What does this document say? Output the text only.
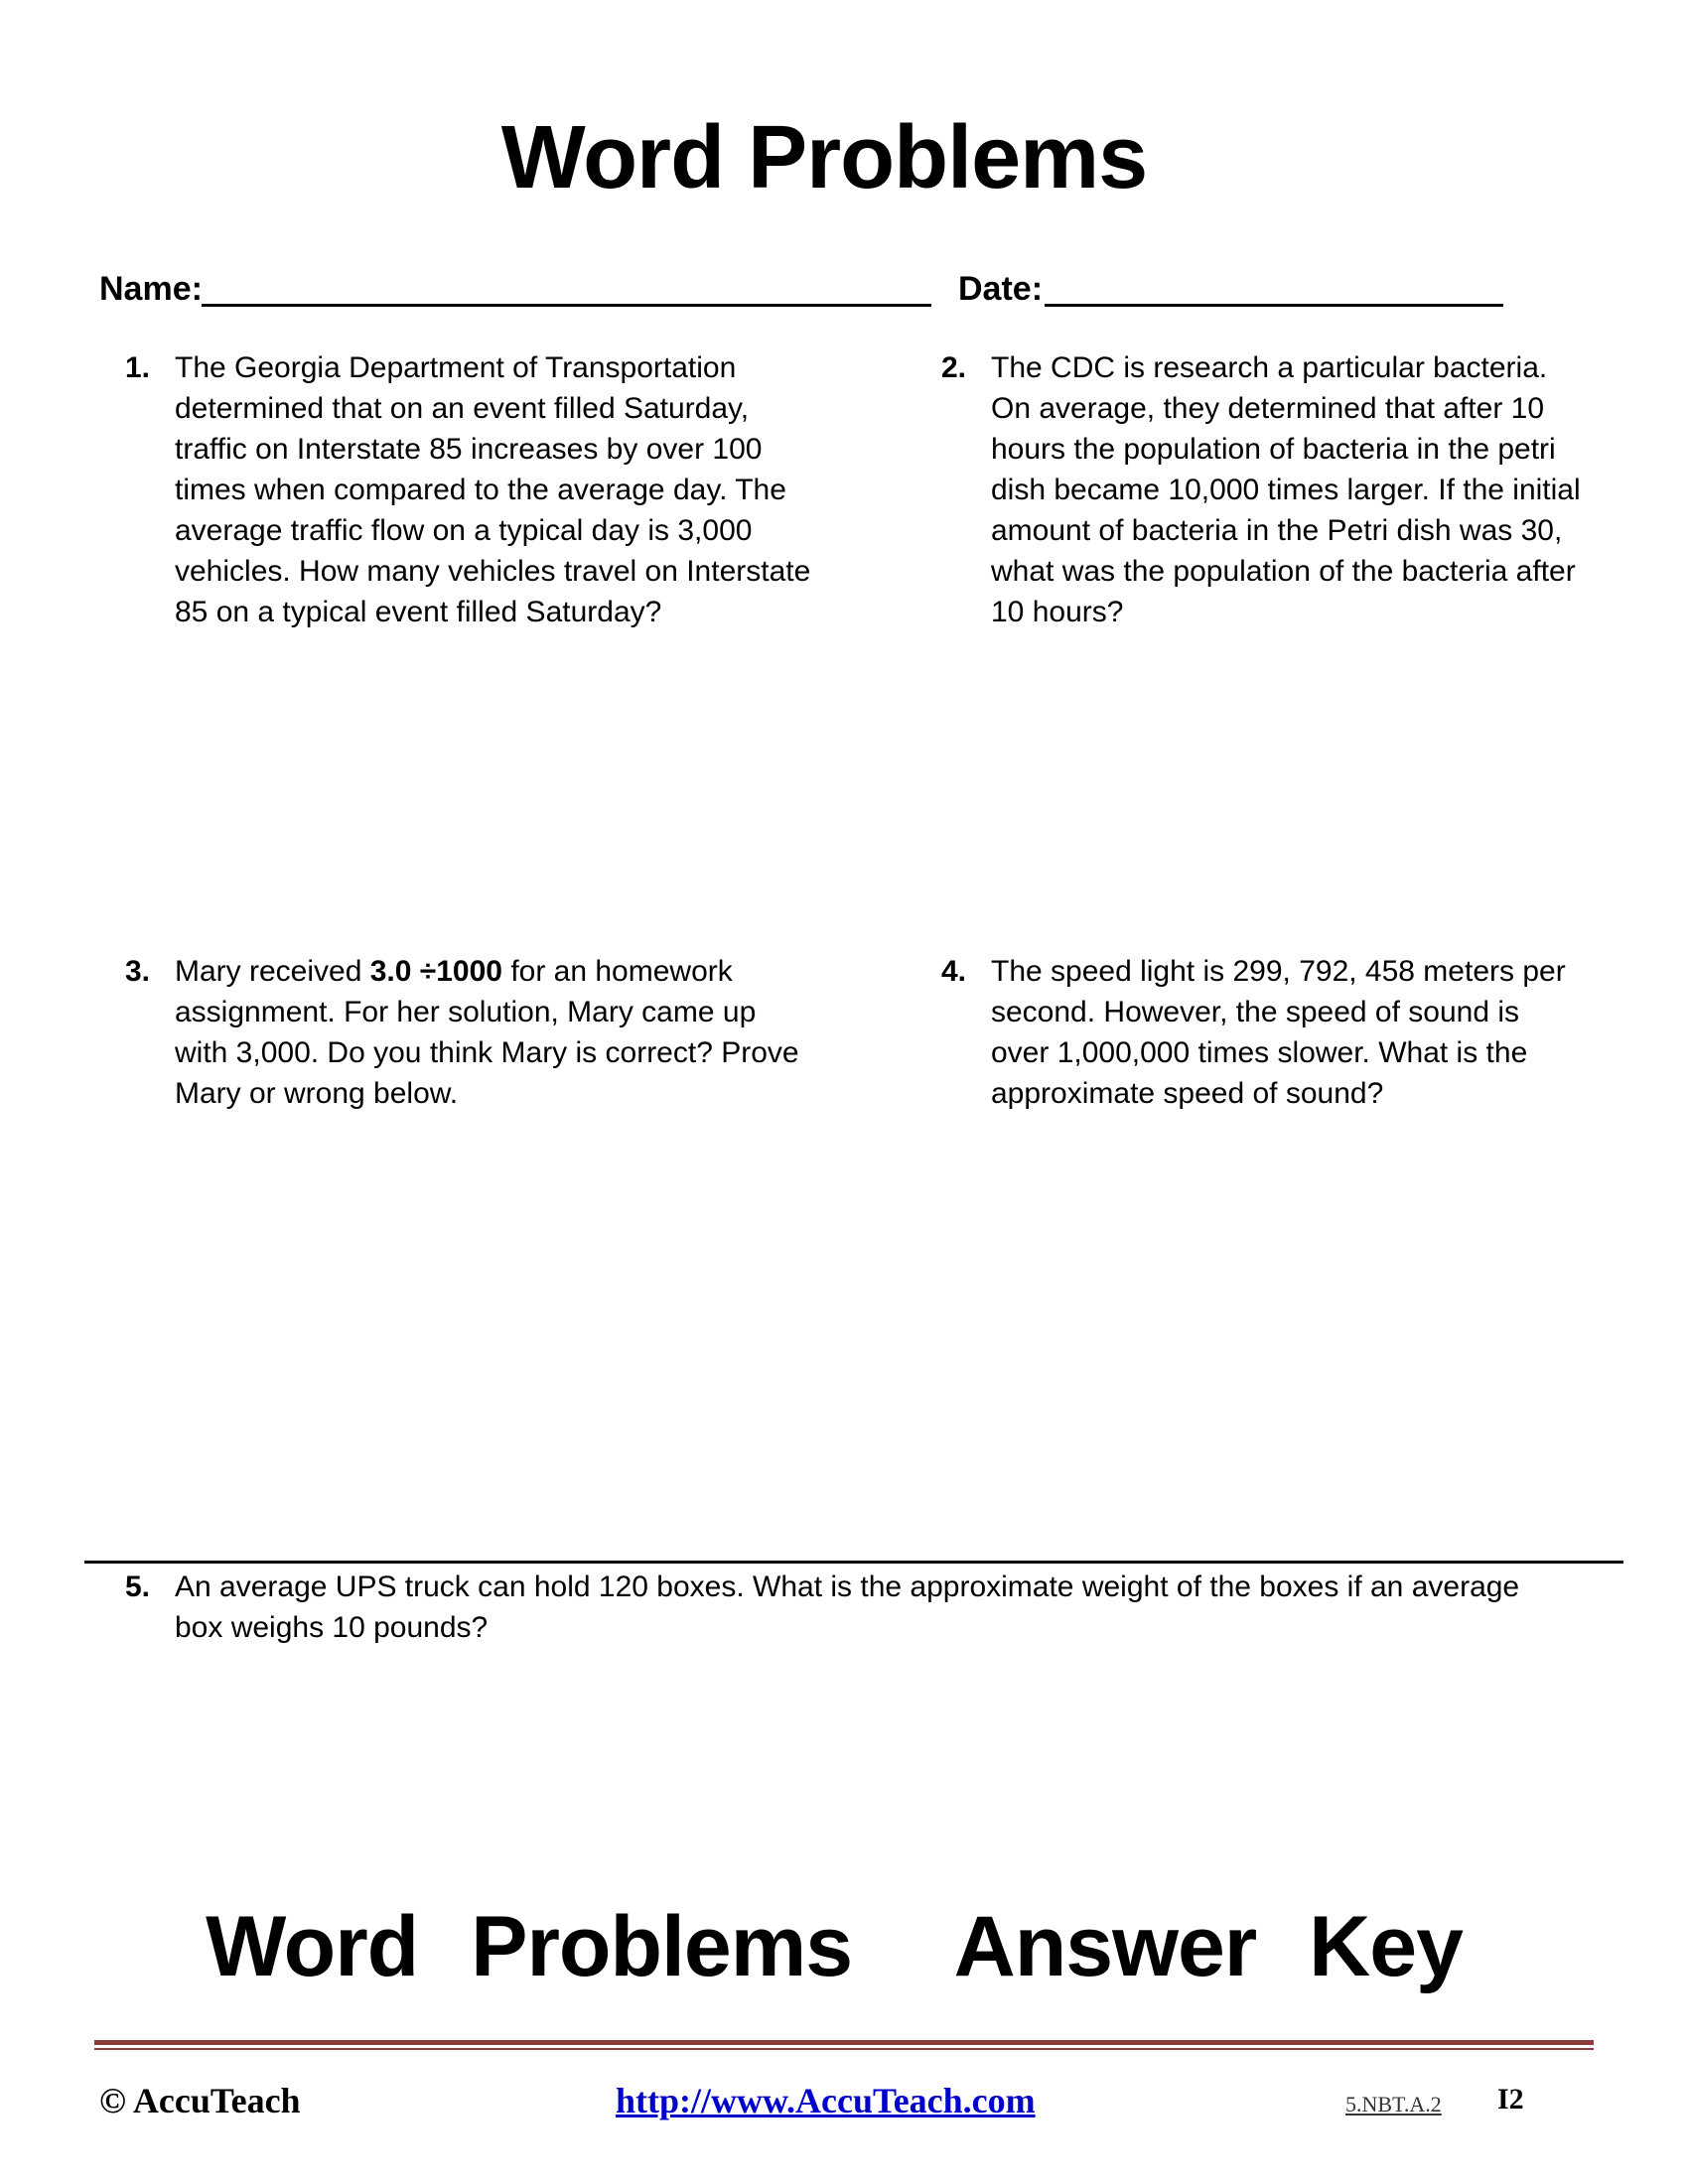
Word Problems
Name:	Date:
1. The Georgia Department of Transportation determined that on an event filled Saturday, traffic on Interstate 85 increases by over 100 times when compared to the average day. The average traffic flow on a typical day is 3,000 vehicles. How many vehicles travel on Interstate 85 on a typical event filled Saturday?
2. The CDC is research a particular bacteria. On average, they determined that after 10 hours the population of bacteria in the petri dish became 10,000 times larger. If the initial amount of bacteria in the Petri dish was 30, what was the population of the bacteria after 10 hours?
3. Mary received 3.0 ÷1000 for an homework assignment. For her solution, Mary came up with 3,000. Do you think Mary is correct? Prove Mary or wrong below.
4. The speed light is 299, 792, 458 meters per second. However, the speed of sound is over 1,000,000 times slower. What is the approximate speed of sound?
5. An average UPS truck can hold 120 boxes. What is the approximate weight of the boxes if an average box weighs 10 pounds?
Word Problems  Answer Key
© AccuTeach	http://www.AccuTeach.com	5.NBT.A.2 I2
